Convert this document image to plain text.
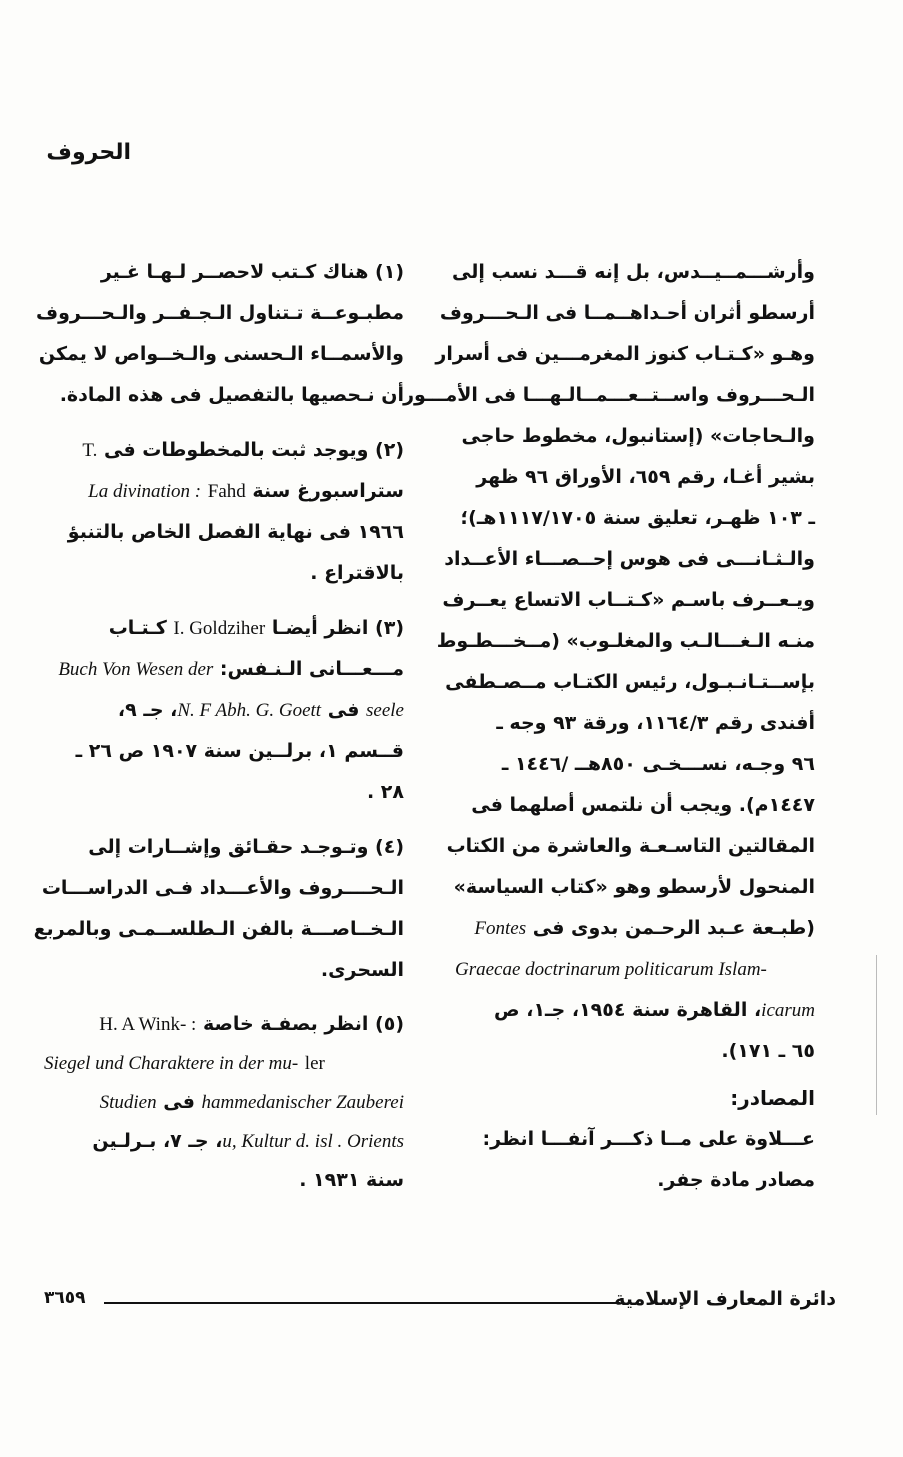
الحروف
وأرشـــمــيــدس، بل إنه قـــد نسب إلى
أرسطو أثران أحـداهــمــا فى الـحـــروف
وهـو «كـتـاب كنوز المغرمـــين فى أسرار
الـحـــروف واســتــعـــمــالـهـــا فى الأمـــور
والـحاجات» (إستانبول، مخطوط حاجى
بشير أغـا، رقم ٦٥٩، الأوراق ٩٦ ظهر
ـ ١٠٣ ظهـر، تعليق سنة ١١١٧/١٧٠٥هـ)؛
والـثـانـــى فى هوس إحــصـــاء الأعــداد
ويـعــرف باسـم «كـتــاب الاتساع يعــرف
منـه الـغـــالـب والمغلـوب» (مــخـــطـوط
بإســتـانـبـول، رئيس الكتـاب مــصـطفى
أفندى رقم ١١٦٤/٣، ورقة ٩٣ وجه ـ
٩٦ وجـه، نســـخـى ٨٥٠هــ /١٤٤٦ ـ
١٤٤٧م). ويجب أن نلتمس أصلهما فى
المقالتين التاسـعـة والعاشرة من الكتاب
المنحول لأرسطو وهو «كتاب السياسة»
(طبـعة عـبد الرحـمن بدوى فى Fontes
Graecae doctrinarum politicarum Islam-
icarum، القاهرة سنة ١٩٥٤، جـ١، ص
٦٥ ـ ١٧١).
المصادر:
عـــلاوة على مــا ذكـــر آنفـــا انظر:
مصادر مادة جفر.

(١) هناك كـتب لاحصــر لـهـا غـير
مطبـوعــة تـتناول الـجـفــر والـحـــروف
والأسمــاء الـحسنى والـخــواص لا يمكن
أن نـحصيها بالتفصيل فى هذه المادة.

(٢) ويوجد ثبت بالمخطوطات فى T.
ستراسبورغ سنة La divination : Fahd
١٩٦٦ فى نهاية الفصل الخاص بالتنبؤ
بالاقتراع .

(٣) انظر أيضـا I. Goldziher كـتـاب
مـــعـــانى الـنـفس: Buch Von Wesen der
seele فى N. F Abh. G. Goett، جـ ٩،
قــسم ١، برلــين سنة ١٩٠٧ ص ٢٦ ـ
٢٨ .

(٤) وتـوجـد حقـائق وإشــارات إلى
الـحــــروف والأعـــداد فـى الدراســـات
الـخــاصـــة بالفن الـطلســمـى وبالمربع
السحرى.

(٥) انظر بصفـة خاصة H. A Wink- :
Siegel und Charaktere in der mu- ler
hammedanischer Zauberei فى Studien
u, Kultur d. isl . Orients، جـ ٧، بـرلـين
سنة ١٩٣١ .

دائرة المعارف الإسلامية
٣٦٥٩
